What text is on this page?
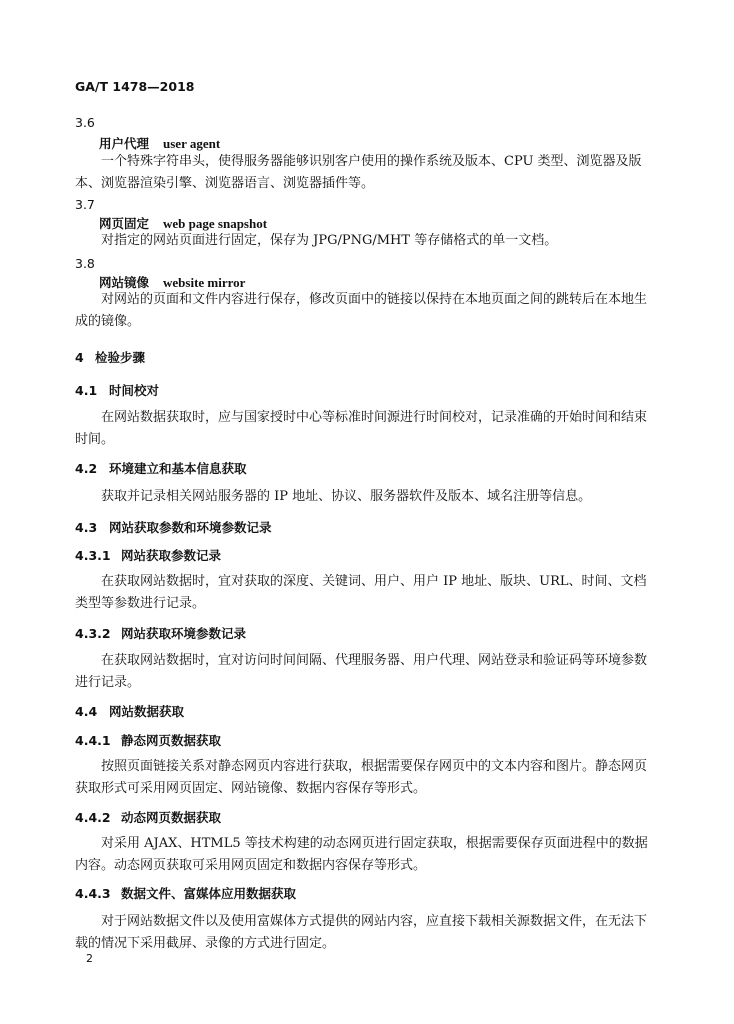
GA/T 1478—2018
3.6
用户代理 user agent

一个特殊字符串头，使得服务器能够识别客户使用的操作系统及版本、CPU 类型、浏览器及版本、浏览器渲染引擎、浏览器语言、浏览器插件等。

3.7
网页固定 web page snapshot

对指定的网站页面进行固定，保存为 JPG/PNG/MHT 等存储格式的单一文档。

3.8
网站镜像 website mirror

对网站的页面和文件内容进行保存，修改页面中的链接以保持在本地页面之间的跳转后在本地生成的镜像。

4 检验步骤
4.1 时间校对

在网站数据获取时，应与国家授时中心等标准时间源进行时间校对，记录准确的开始时间和结束时间。

4.2 环境建立和基本信息获取

获取并记录相关网站服务器的 IP 地址、协议、服务器软件及版本、域名注册等信息。

4.3 网站获取参数和环境参数记录
4.3.1 网站获取参数记录

在获取网站数据时，宜对获取的深度、关键词、用户、用户 IP 地址、版块、URL、时间、文档类型等参数进行记录。

4.3.2 网站获取环境参数记录

在获取网站数据时，宜对访问时间间隔、代理服务器、用户代理、网站登录和验证码等环境参数进行记录。

4.4 网站数据获取
4.4.1 静态网页数据获取

按照页面链接关系对静态网页内容进行获取，根据需要保存网页中的文本内容和图片。静态网页获取形式可采用网页固定、网站镜像、数据内容保存等形式。

4.4.2 动态网页数据获取

对采用 AJAX、HTML5 等技术构建的动态网页进行固定获取，根据需要保存页面进程中的数据内容。动态网页获取可采用网页固定和数据内容保存等形式。

4.4.3 数据文件、富媒体应用数据获取

对于网站数据文件以及使用富媒体方式提供的网站内容，应直接下载相关源数据文件，在无法下载的情况下采用截屏、录像的方式进行固定。

2
